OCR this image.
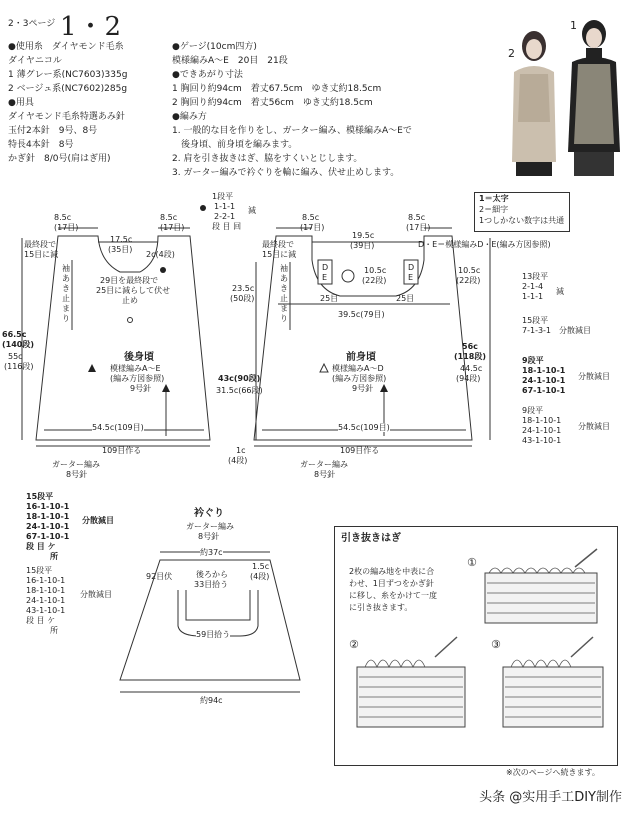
2・3ページ 1・2
●使用糸　ダイヤモンド毛糸
ダイヤニコル
1 薄グレー系(NC7603)335g
2 ベージュ系(NC7602)285g
●用具
ダイヤモンド毛糸特選あみ針
玉付2本針　9号、8号
特長4本針　8号
かぎ針　8/0号(肩はぎ用)
●ゲージ(10cm四方)
模様編みA～E　20目　21段
●できあがり寸法
1 胸回り約94cm　着丈67.5cm　ゆき丈約18.5cm
2 胸回り約94cm　着丈56cm　ゆき丈約18.5cm
●編み方
1. 一般的な目を作りをし、ガーター編み、模様編みA～Eで
　後身頃、前身頃を編みます。
2. 肩を引き抜きはぎ、脇をすくいとじします。
3. ガーター編みで衿ぐりを輪に編み、伏せ止めします。
1
2
1＝太字
2＝細字
1つしかない数字は共通
8.5c
(17目)
17.5c
(35目)
8.5c
(17目)
1段平
1-1-1
2-2-1
段 目 回
減
最終段で
15目に減
29目を最終段で
25目に減らして伏せ
止め
2c(4段)
袖
あ
き
止
ま
り
66.5c
(140段)
55c
(116段)
後身頃
模様編みA～E
(編み方図参照)
9号針
54.5c(109目)
109目作る
ガーター編み
8号針
23.5c
(50段)
43c(90段)
31.5c(66段)
1c
(4段)
8.5c
(17目)
19.5c
(39目)
8.5c
(17目)
最終段で
15目に減
D
E
D
E
10.5c
(22段)
25目	25目
39.5c(79目)
袖
あ
き
止
ま
り
前身頃
模様編みA～D
(編み方図参照)
9号針
54.5c(109目)
109目作る
ガーター編み
8号針
D・E＝模様編みD・E(編み方図参照)
10.5c
(22段)
56c
(118段)
44.5c
(94段)
13段平
2-1-4
1-1-1
減
15段平
7-1-3-1　分散減目
9段平
18-1-10-1
24-1-10-1
67-1-10-1
分散減目
9段平
18-1-10-1
24-1-10-1
43-1-10-1
分散減目
15段平
16-1-10-1
18-1-10-1
24-1-10-1
67-1-10-1
段 目 ケ
所
分散減目
15段平
16-1-10-1
18-1-10-1
24-1-10-1
43-1-10-1
段 目 ケ
所
分散減目
衿ぐり
ガーター編み
8号針
約37c
1.5c
(4段)
92目伏	後ろから
33目拾う
59目拾う
約94c
引き抜きはぎ
2枚の編み地を中表に合
わせ、1目ずつをかぎ針
に移し、糸をかけて一度
に引き抜きます。
①
②	③
※次のページへ続きます。
头条 @实用手工DIY制作
